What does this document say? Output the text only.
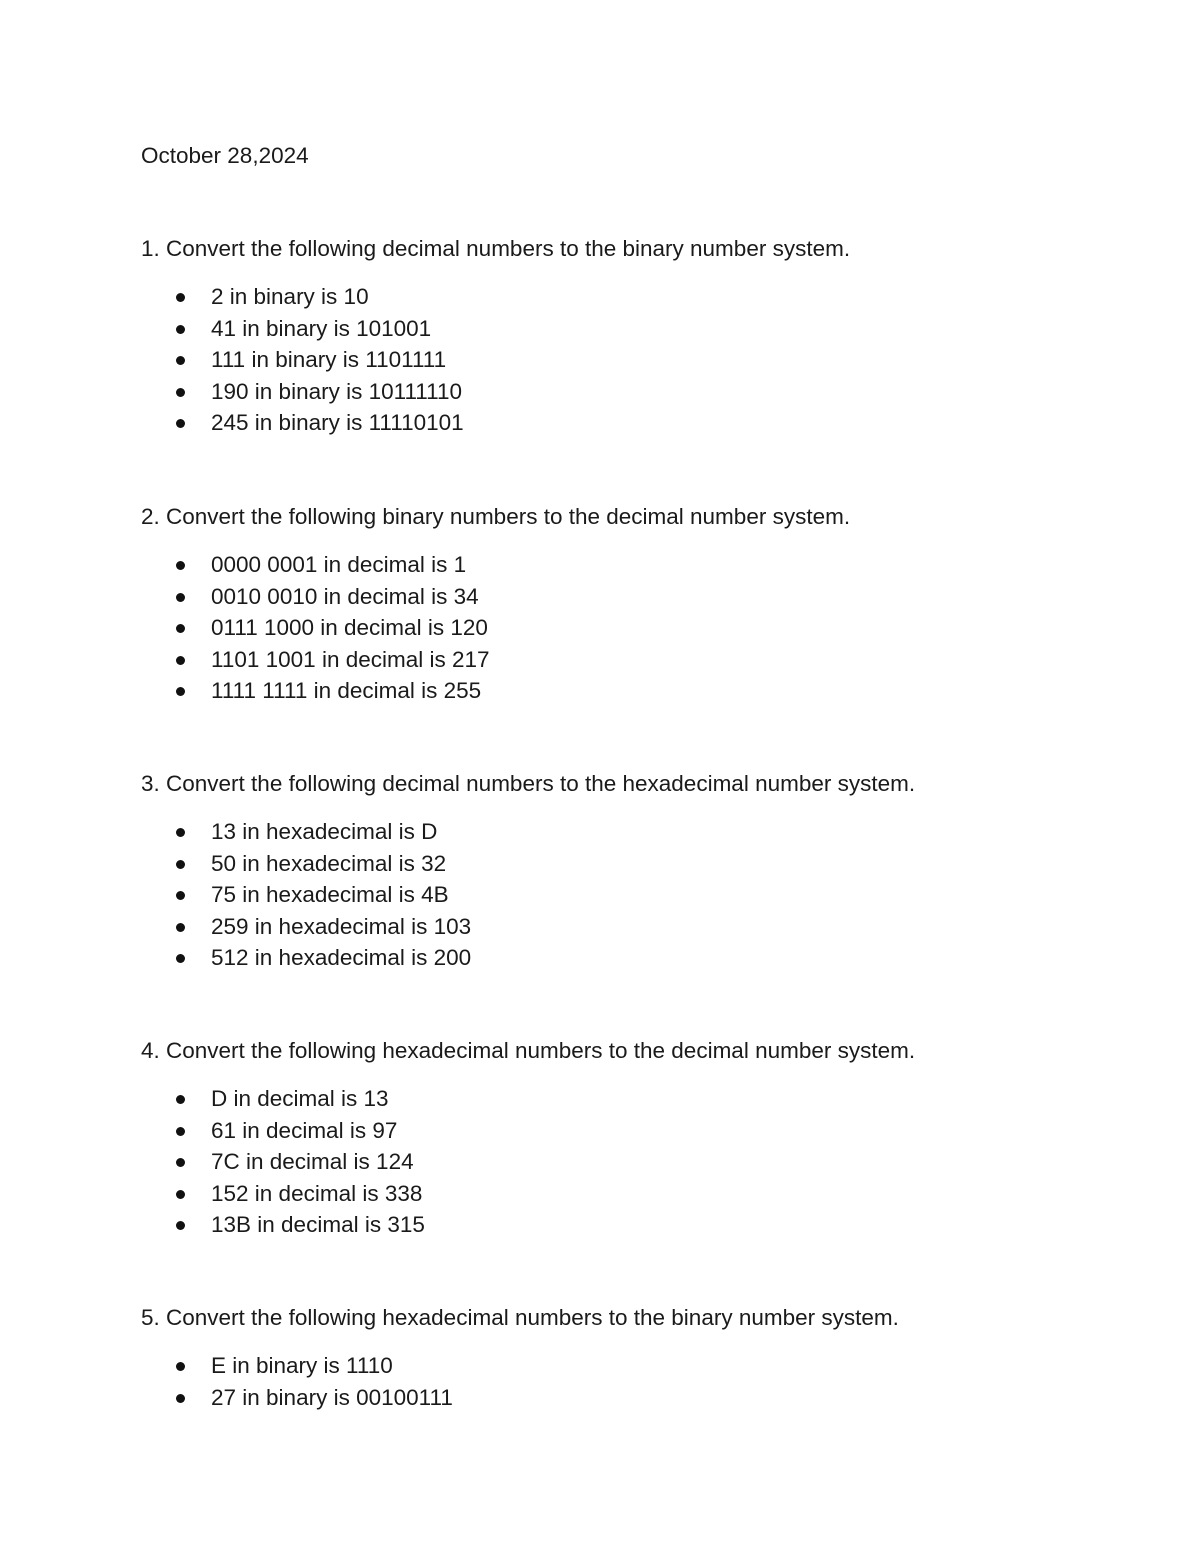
October 28,2024

1. Convert the following decimal numbers to the binary number system.

2 in binary is 10
41 in binary is 101001
111 in binary is 1101111
190 in binary is 10111110
245 in binary is 11110101

2. Convert the following binary numbers to the decimal number system.

0000 0001 in decimal is 1
0010 0010 in decimal is 34
0111 1000 in decimal is 120
1101 1001 in decimal is 217
1111 1111 in decimal is 255

3. Convert the following decimal numbers to the hexadecimal number system.

13 in hexadecimal is D
50 in hexadecimal is 32
75 in hexadecimal is 4B
259 in hexadecimal is 103
512 in hexadecimal is 200

4. Convert the following hexadecimal numbers to the decimal number system.

D in decimal is 13
61 in decimal is 97
7C in decimal is 124
152 in decimal is 338
13B in decimal is 315

5. Convert the following hexadecimal numbers to the binary number system.

E in binary is 1110
27 in binary is 00100111
